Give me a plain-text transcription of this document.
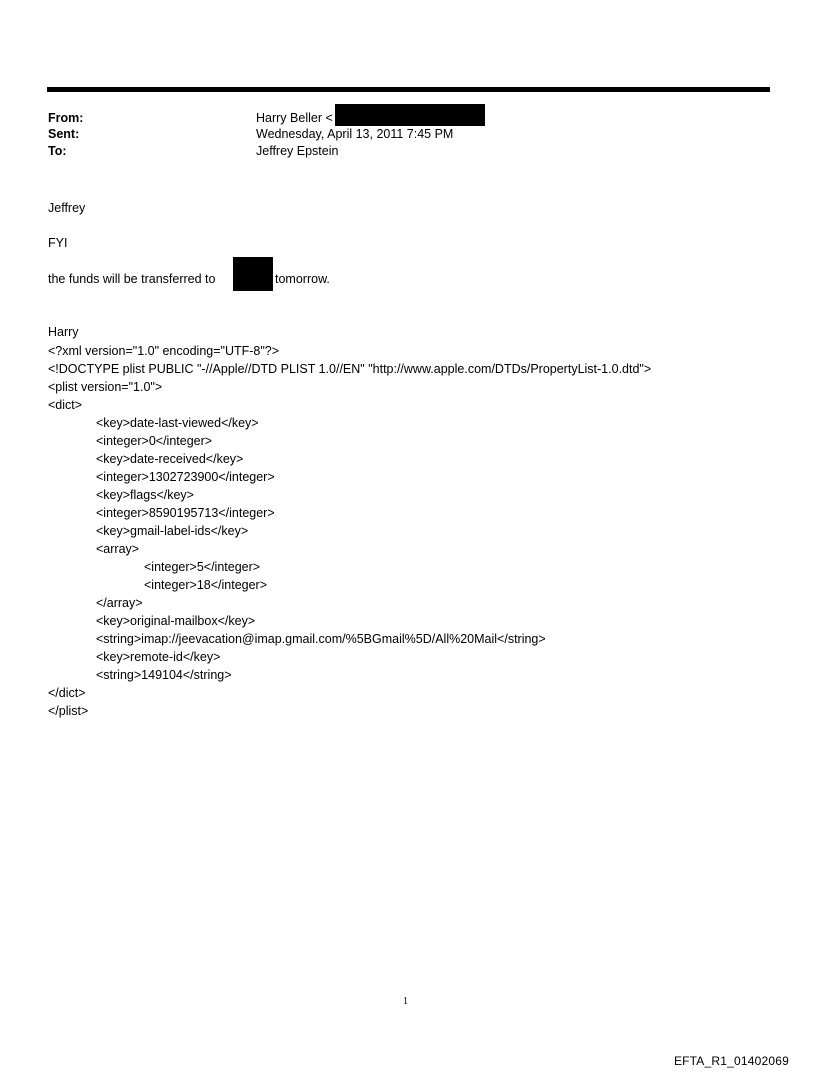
From:	Harry Beller <
Sent:	Wednesday, April 13, 2011 7:45 PM
To:	Jeffrey Epstein
Jeffrey
FYI
the funds will be transferred to	tomorrow.
Harry
<?xml version="1.0" encoding="UTF-8"?>
<!DOCTYPE plist PUBLIC "-//Apple//DTD PLIST 1.0//EN" "http://www.apple.com/DTDs/PropertyList-1.0.dtd">
<plist version="1.0">
<dict>
<key>date-last-viewed</key>
<integer>0</integer>
<key>date-received</key>
<integer>1302723900</integer>
<key>flags</key>
<integer>8590195713</integer>
<key>gmail-label-ids</key>
<array>
<integer>5</integer>
<integer>18</integer>
</array>
<key>original-mailbox</key>
<string>imap://jeevacation@imap.gmail.com/%5BGmail%5D/All%20Mail</string>
<key>remote-id</key>
<string>149104</string>
</dict>
</plist>
1
EFTA_R1_01402069
